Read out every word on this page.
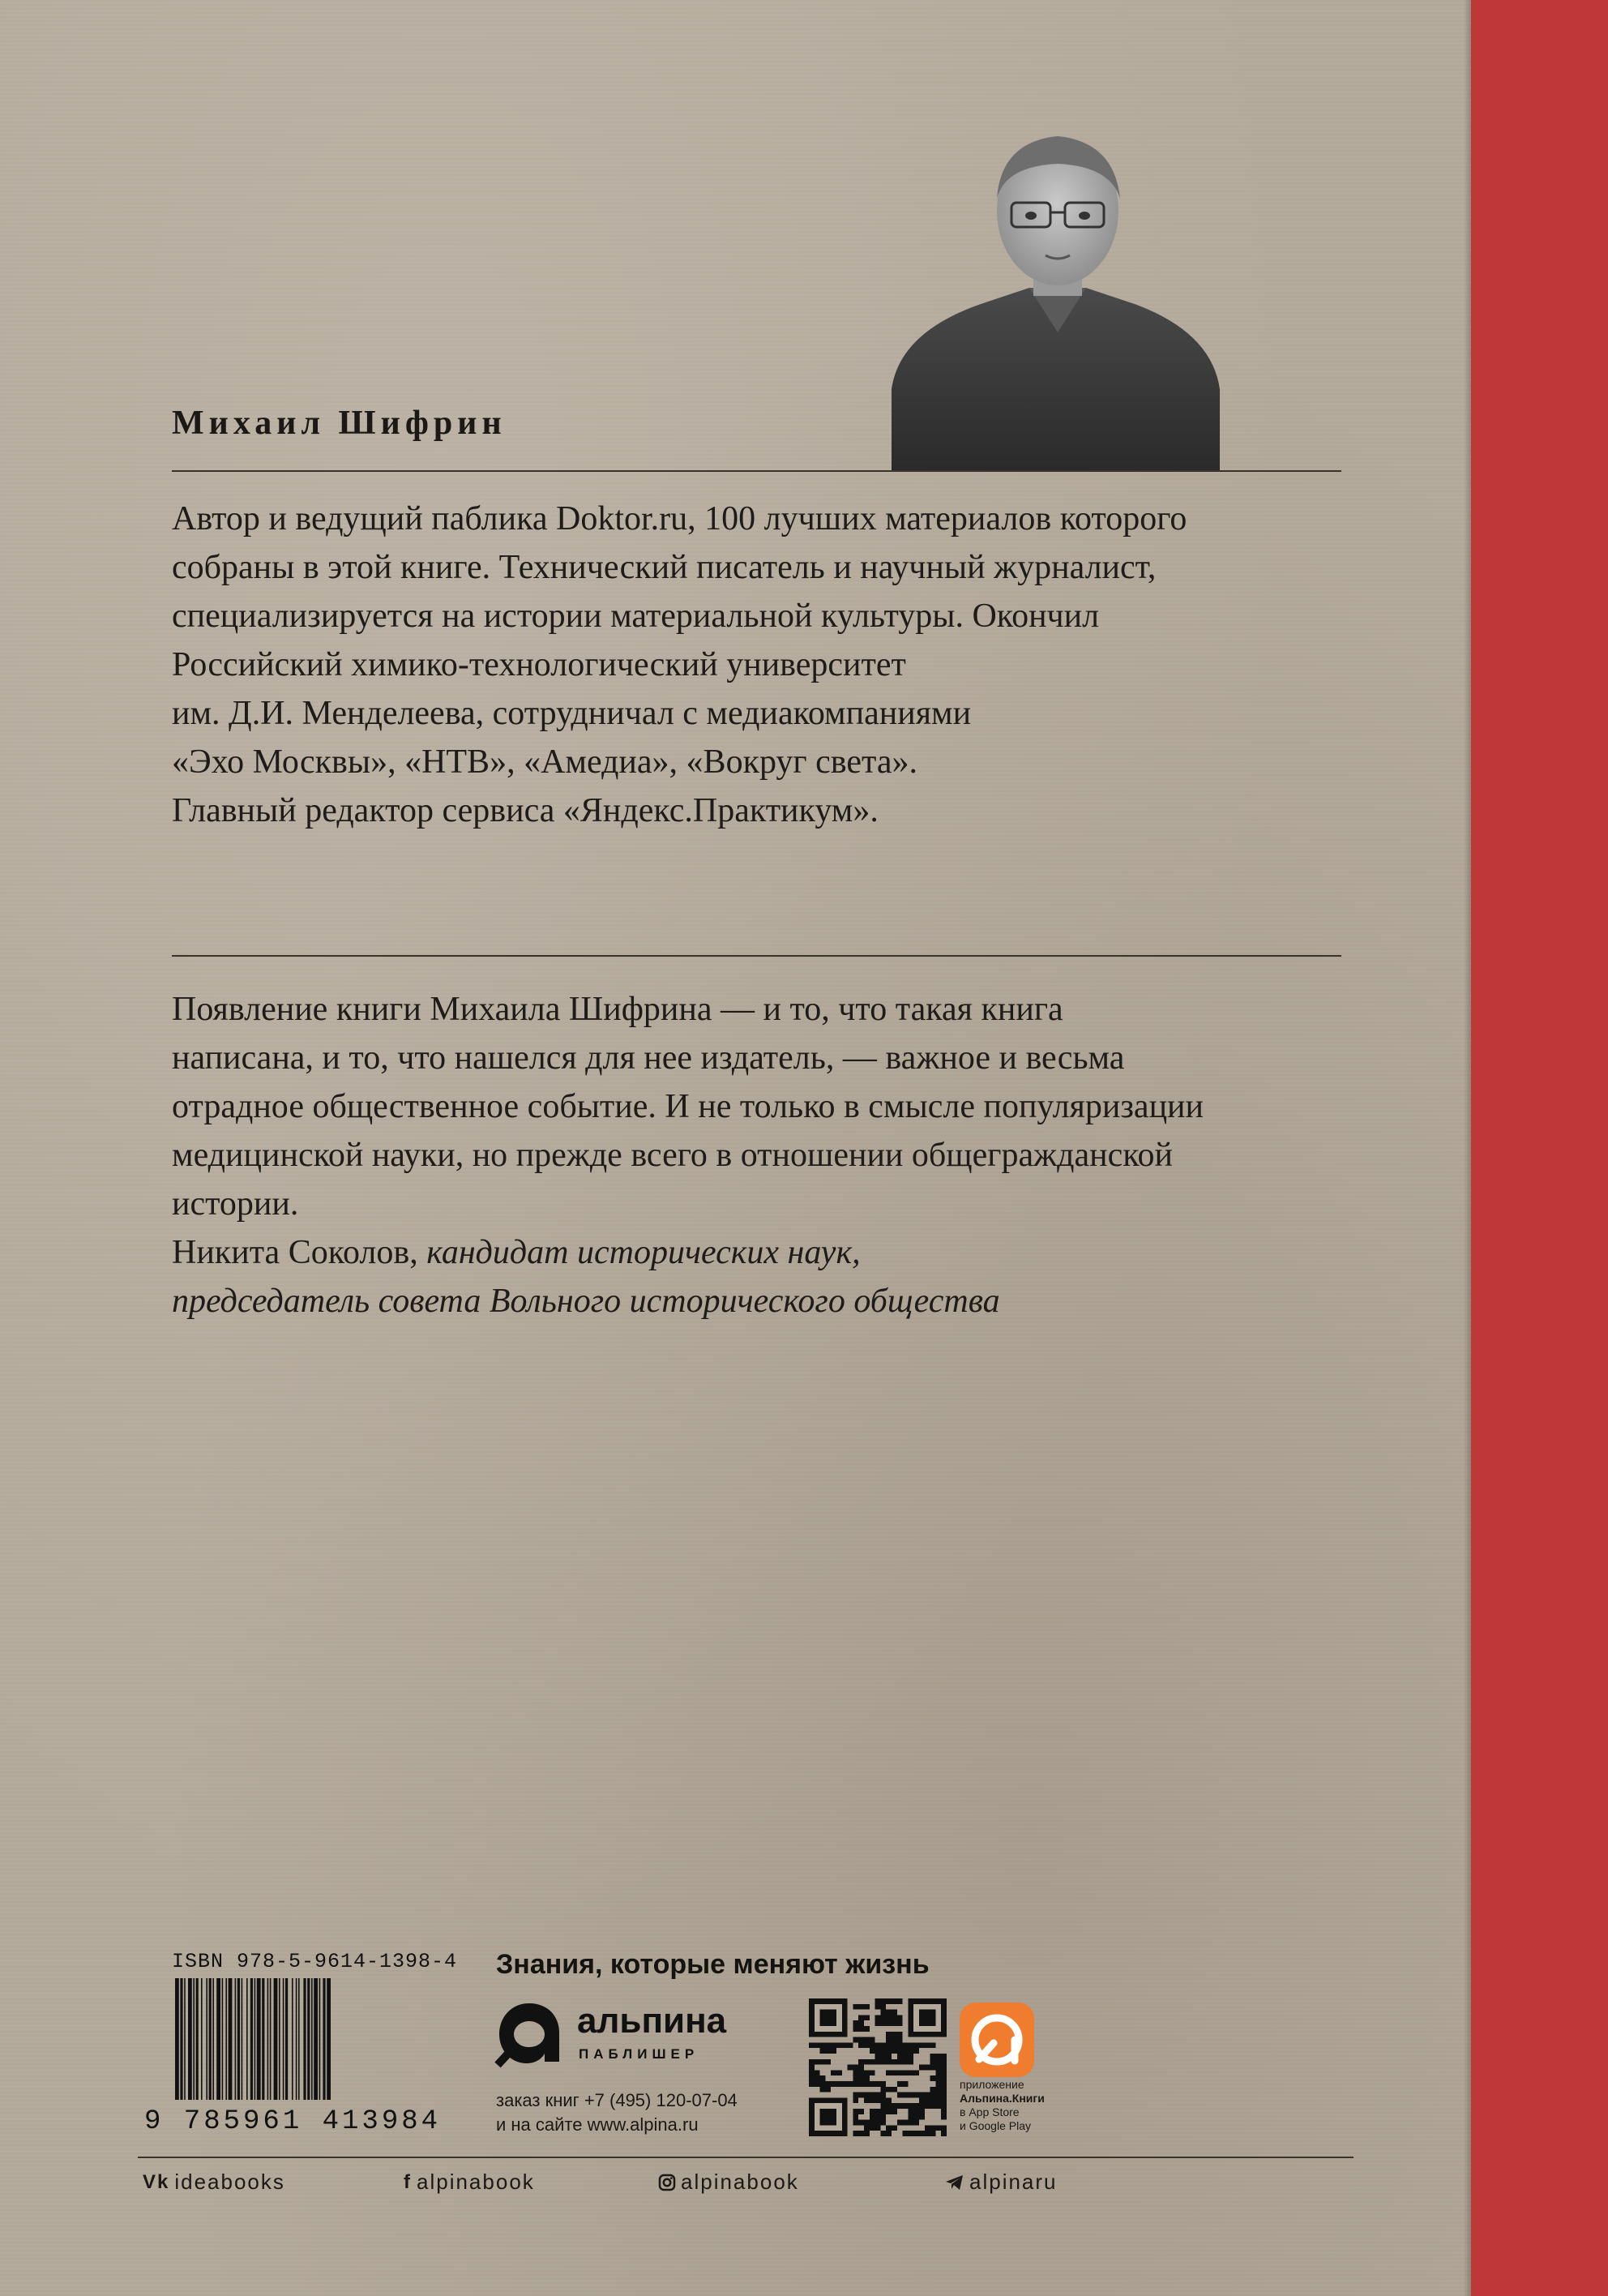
Михаил Шифрин
Автор и ведущий паблика Doktor.ru, 100 лучших материалов которого
собраны в этой книге. Технический писатель и научный журналист,
специализируется на истории материальной культуры. Окончил
Российский химико-технологический университет
им. Д.И. Менделеева, сотрудничал с медиакомпаниями
«Эхо Москвы», «НТВ», «Амедиа», «Вокруг света».
Главный редактор сервиса «Яндекс.Практикум».
Появление книги Михаила Шифрина — и то, что такая книга
написана, и то, что нашелся для нее издатель, — важное и весьма
отрадное общественное событие. И не только в смысле популяризации
медицинской науки, но прежде всего в отношении общегражданской
истории.
Никита Соколов, кандидат исторических наук,
председатель совета Вольного исторического общества
ISBN 978-5-9614-1398-4
9 785961 413984
Знания, которые меняют жизнь
альпина
ПАБЛИШЕР
заказ книг +7 (495) 120-07-04
и на сайте www.alpina.ru
приложение
Альпина.Книги
в App Store
и Google Play
Vk ideabooks	f alpinabook	alpinabook	alpinaru
